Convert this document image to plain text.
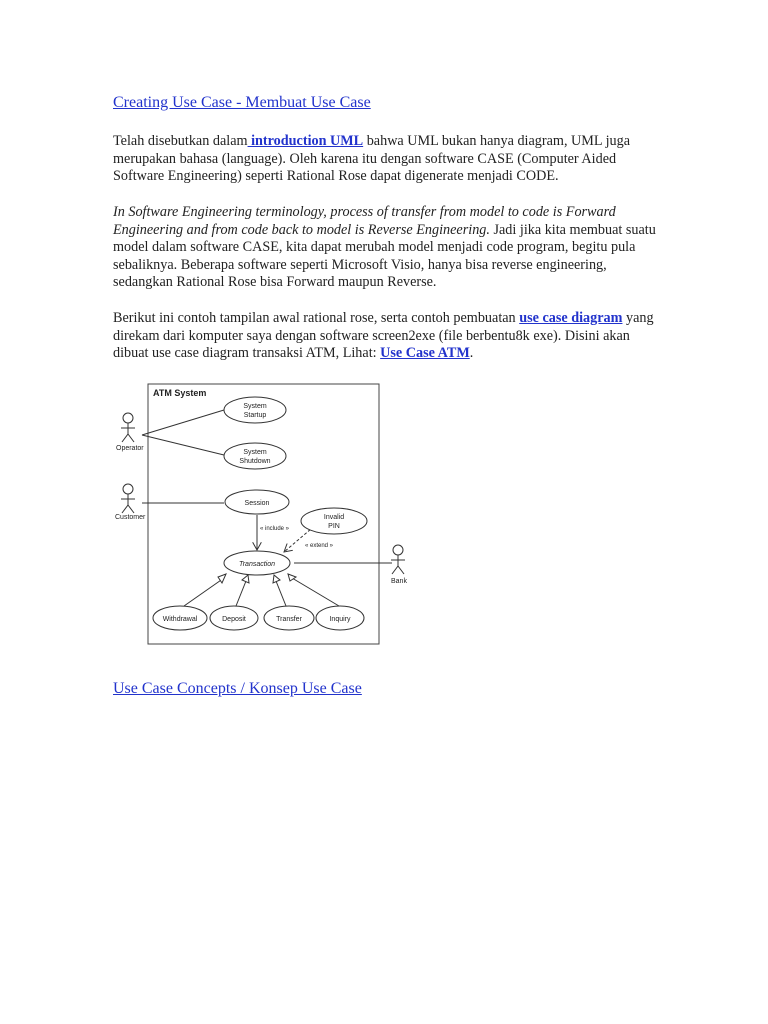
Creating Use Case - Membuat Use Case

Telah disebutkan dalam introduction UML bahwa UML bukan hanya diagram, UML juga merupakan bahasa (language). Oleh karena itu dengan software CASE (Computer Aided Software Engineering) seperti Rational Rose dapat digenerate menjadi CODE.

In Software Engineering terminology, process of transfer from model to code is Forward Engineering and from code back to model is Reverse Engineering. Jadi jika kita membuat suatu model dalam software CASE, kita dapat merubah model menjadi code program, begitu pula sebaliknya. Beberapa software seperti Microsoft Visio, hanya bisa reverse engineering, sedangkan Rational Rose bisa Forward maupun Reverse.

Berikut ini contoh tampilan awal rational rose, serta contoh pembuatan use case diagram yang direkam dari komputer saya dengan software screen2exe (file berbentu8k exe). Disini akan dibuat use case diagram transaksi ATM, Lihat: Use Case ATM.

ATM System
Operator
Customer
Bank
System
Startup
System
Shutdown
Session
Invalid
PIN
Transaction
Withdrawal	Deposit	Transfer	Inquiry
« include »
« extend »
Use Case Concepts / Konsep Use Case
